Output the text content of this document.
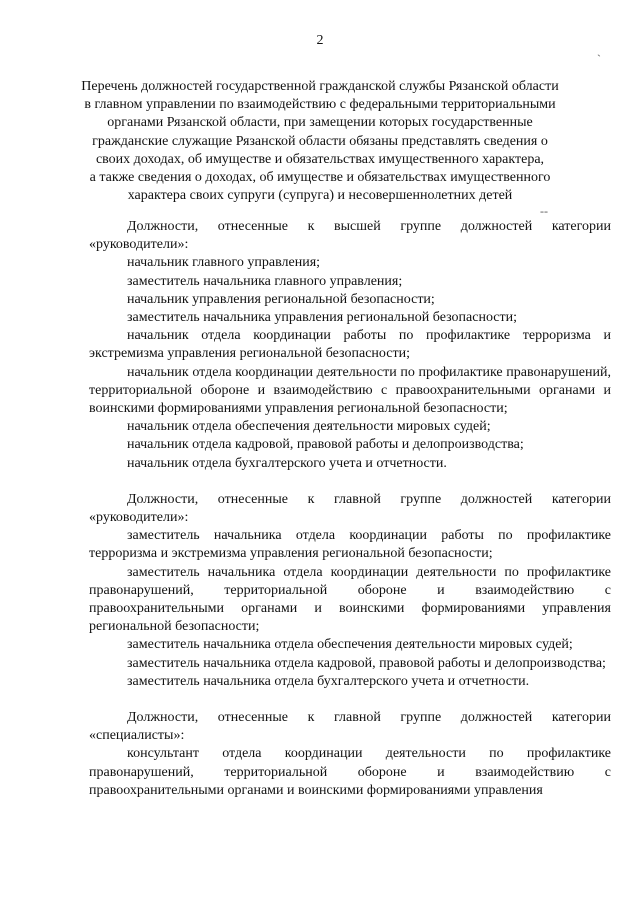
2
`
--
Перечень должностей государственной гражданской службы Рязанской области
в главном управлении по взаимодействию с федеральными территориальными
органами Рязанской области, при замещении которых государственные
гражданские служащие Рязанской области обязаны представлять сведения о
своих доходах, об имуществе и обязательствах имущественного характера,
а также сведения о доходах, об имуществе и обязательствах имущественного
характера своих супруги (супруга) и несовершеннолетних детей

Должности, отнесенные к высшей группе должностей категории «руководители»:

начальник главного управления;

заместитель начальника главного управления;

начальник управления региональной безопасности;

заместитель начальника управления региональной безопасности;

начальник отдела координации работы по профилактике терроризма и экстремизма управления региональной безопасности;

начальник отдела координации деятельности по профилактике правонарушений, территориальной обороне и взаимодействию с правоохранительными органами и воинскими формированиями управления региональной безопасности;

начальник отдела обеспечения деятельности мировых судей;

начальник отдела кадровой, правовой работы и делопроизводства;

начальник отдела бухгалтерского учета и отчетности.

Должности, отнесенные к главной группе должностей категории «руководители»:

заместитель начальника отдела координации работы по профилактике терроризма и экстремизма управления региональной безопасности;

заместитель начальника отдела координации деятельности по профилактике правонарушений, территориальной обороне и взаимодействию с правоохранительными органами и воинскими формированиями управления региональной безопасности;

заместитель начальника отдела обеспечения деятельности мировых судей;

заместитель начальника отдела кадровой, правовой работы и делопроизводства;

заместитель начальника отдела бухгалтерского учета и отчетности.

Должности, отнесенные к главной группе должностей категории «специалисты»:

консультант отдела координации деятельности по профилактике правонарушений, территориальной обороне и взаимодействию с правоохранительными органами и воинскими формированиями управления
